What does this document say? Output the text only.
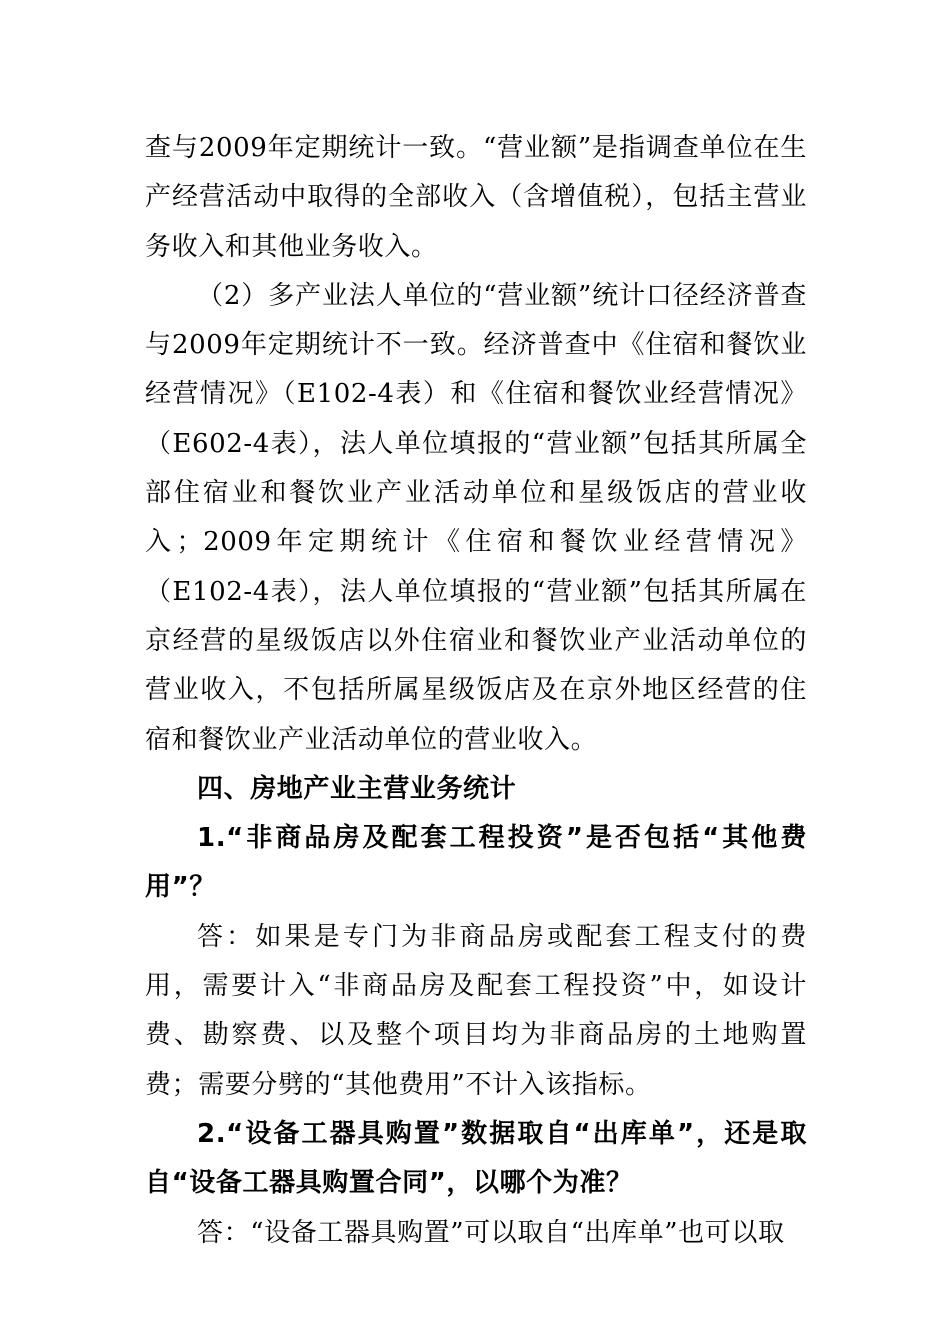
查与2009年定期统计一致。“营业额”是指调查单位在生产经营活动中取得的全部收入（含增值税），包括主营业务收入和其他业务收入。

（2）多产业法人单位的“营业额”统计口径经济普查与2009年定期统计不一致。经济普查中《住宿和餐饮业经营情况》（E102-4表）和《住宿和餐饮业经营情况》（E602-4表），法人单位填报的“营业额”包括其所属全部住宿业和餐饮业产业活动单位和星级饭店的营业收入；2009年定期统计《住宿和餐饮业经营情况》（E102-4表），法人单位填报的“营业额”包括其所属在京经营的星级饭店以外住宿业和餐饮业产业活动单位的营业收入，不包括所属星级饭店及在京外地区经营的住宿和餐饮业产业活动单位的营业收入。

四、房地产业主营业务统计

1.“非商品房及配套工程投资”是否包括“其他费用”？

答：如果是专门为非商品房或配套工程支付的费用，需要计入“非商品房及配套工程投资”中，如设计费、勘察费、以及整个项目均为非商品房的土地购置费；需要分劈的“其他费用”不计入该指标。

2.“设备工器具购置”数据取自“出库单”，还是取自“设备工器具购置合同”，以哪个为准？

答：“设备工器具购置”可以取自“出库单”也可以取
